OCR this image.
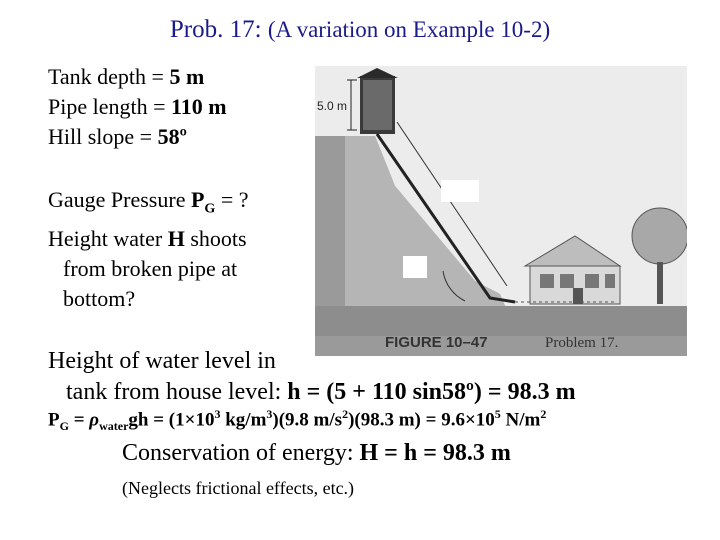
Prob. 17: (A variation on Example 10-2)
Tank depth = 5 m
Pipe length = 110 m
Hill slope = 58º
Gauge Pressure $P_G$ = ?
Height water H shoots
from broken pipe at
bottom?
5.0 m
FIGURE 10–47	Problem 17.
Height of water level in
tank from house level: h = (5 + 110 sin58º) = 98.3 m
$P_G = \rho_{water}gh = (1\times 10^3$ $kg/m^3)(9.8$ $m/s^2)(98.3$ $m) = 9.6\times 10^5$ $N/m^2$
Conservation of energy: H = h = 98.3 m
(Neglects frictional effects, etc.)
